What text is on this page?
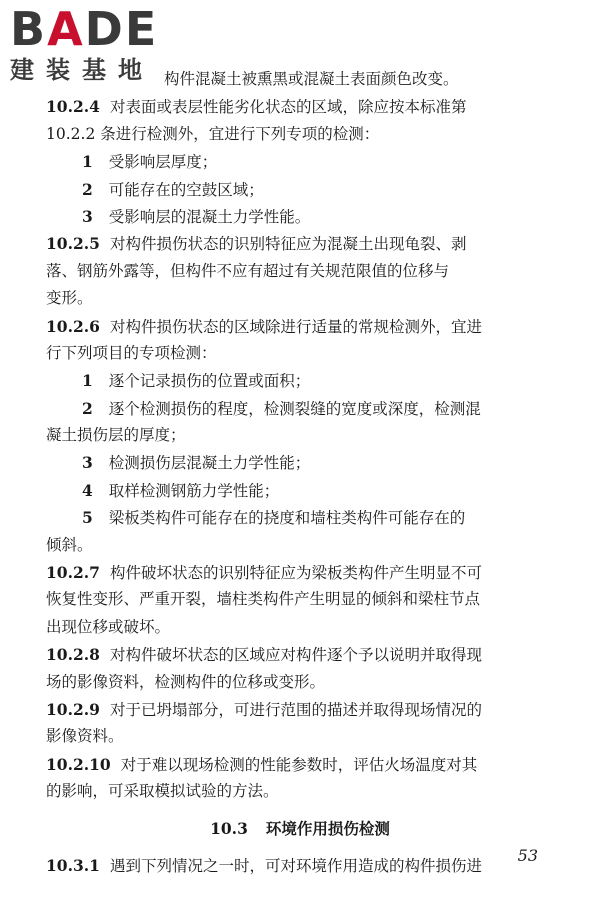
BADE
建装基地 构件混凝土被熏黑或混凝土表面颜色改变。
10.2.4 对表面或表层性能劣化状态的区域，除应按本标准第
10.2.2 条进行检测外，宜进行下列专项的检测：
1 受影响层厚度；
2 可能存在的空鼓区域；
3 受影响层的混凝土力学性能。
10.2.5 对构件损伤状态的识别特征应为混凝土出现龟裂、剥
落、钢筋外露等，但构件不应有超过有关规范限值的位移与
变形。
10.2.6 对构件损伤状态的区域除进行适量的常规检测外，宜进
行下列项目的专项检测：
1 逐个记录损伤的位置或面积；
2 逐个检测损伤的程度，检测裂缝的宽度或深度，检测混
凝土损伤层的厚度；
3 检测损伤层混凝土力学性能；
4 取样检测钢筋力学性能；
5 梁板类构件可能存在的挠度和墙柱类构件可能存在的
倾斜。
10.2.7 构件破坏状态的识别特征应为梁板类构件产生明显不可
恢复性变形、严重开裂，墙柱类构件产生明显的倾斜和梁柱节点
出现位移或破坏。
10.2.8 对构件破坏状态的区域应对构件逐个予以说明并取得现
场的影像资料，检测构件的位移或变形。
10.2.9 对于已坍塌部分，可进行范围的描述并取得现场情况的
影像资料。
10.2.10 对于难以现场检测的性能参数时，评估火场温度对其
的影响，可采取模拟试验的方法。
10.3 环境作用损伤检测
10.3.1 遇到下列情况之一时，可对环境作用造成的构件损伤进
53
